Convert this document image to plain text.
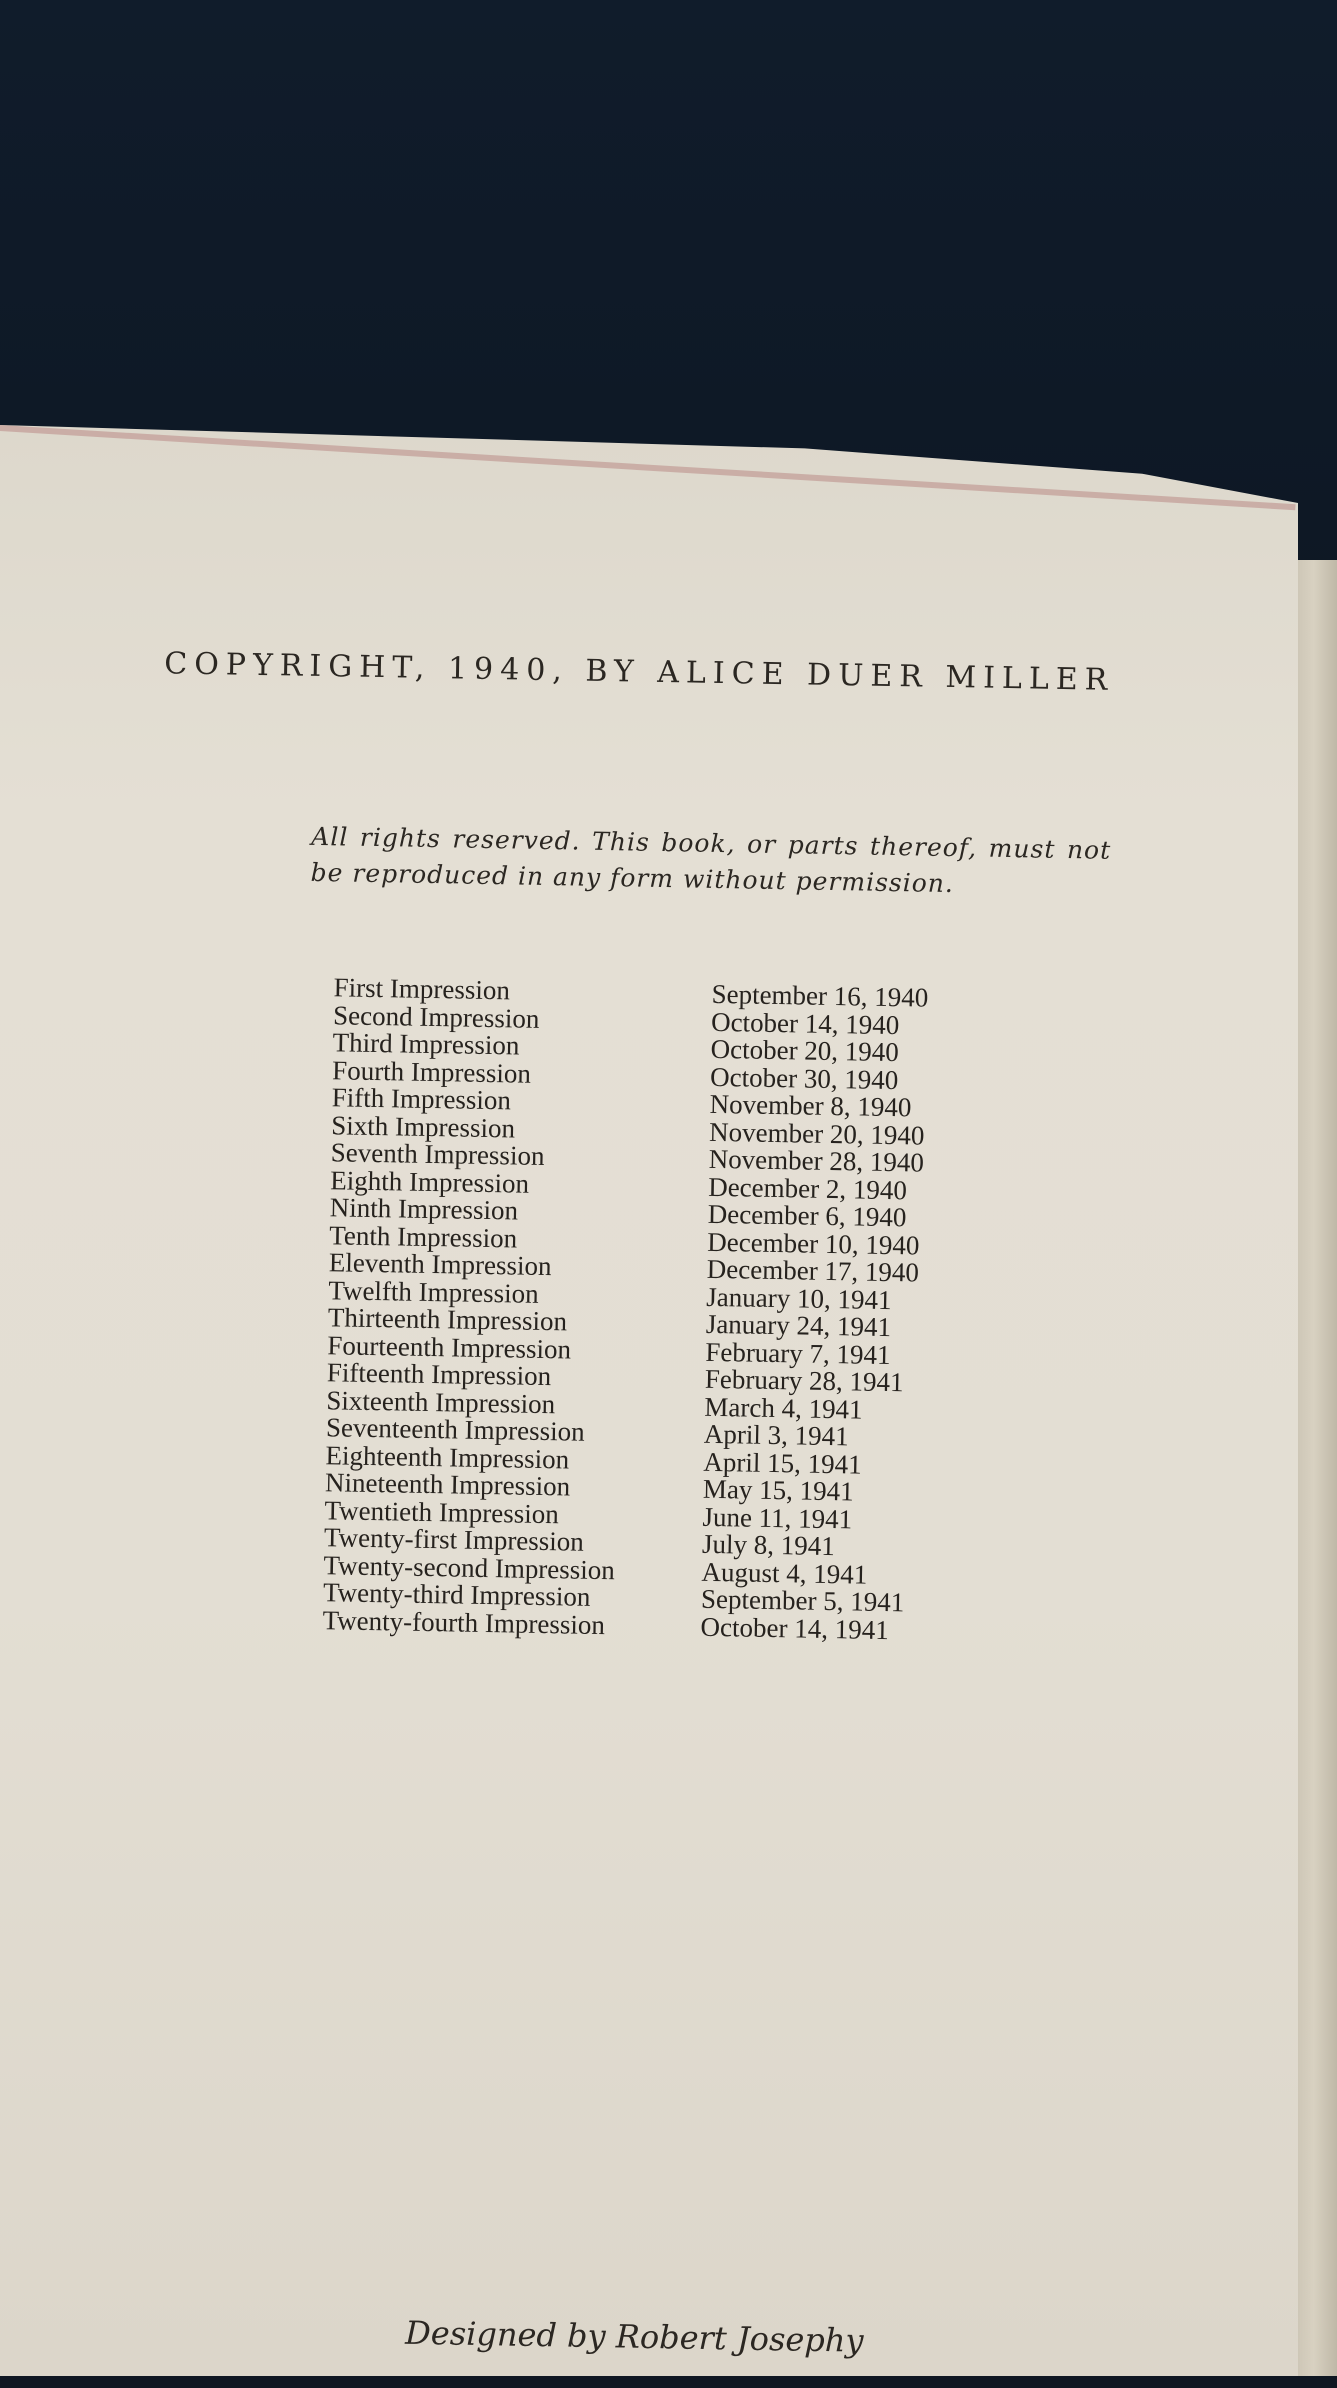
COPYRIGHT, 1940, BY ALICE DUER MILLER
All rights reserved. This book, or parts thereof, must not be reproduced in any form without permission.
First Impression	September 16, 1940
Second Impression	October 14, 1940
Third Impression	October 20, 1940
Fourth Impression	October 30, 1940
Fifth Impression	November 8, 1940
Sixth Impression	November 20, 1940
Seventh Impression	November 28, 1940
Eighth Impression	December 2, 1940
Ninth Impression	December 6, 1940
Tenth Impression	December 10, 1940
Eleventh Impression	December 17, 1940
Twelfth Impression	January 10, 1941
Thirteenth Impression	January 24, 1941
Fourteenth Impression	February 7, 1941
Fifteenth Impression	February 28, 1941
Sixteenth Impression	March 4, 1941
Seventeenth Impression	April 3, 1941
Eighteenth Impression	April 15, 1941
Nineteenth Impression	May 15, 1941
Twentieth Impression	June 11, 1941
Twenty-first Impression	July 8, 1941
Twenty-second Impression	August 4, 1941
Twenty-third Impression	September 5, 1941
Twenty-fourth Impression	October 14, 1941
Designed by Robert Josephy
